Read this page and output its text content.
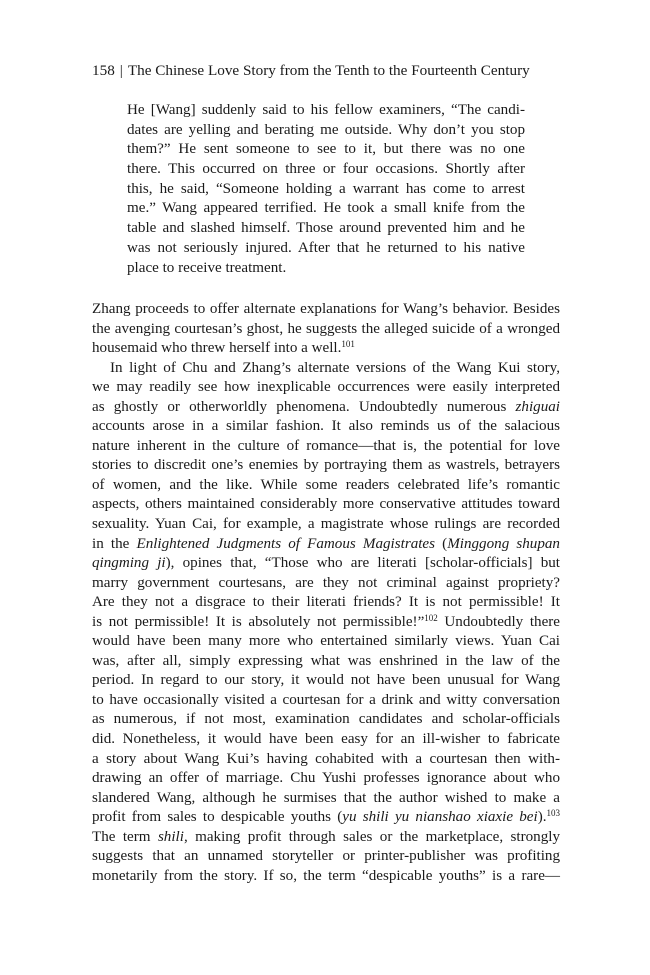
158 | The Chinese Love Story from the Tenth to the Fourteenth Century
He [Wang] suddenly said to his fellow examiners, “The candi-
dates are yelling and berating me outside. Why don’t you stop
them?” He sent someone to see to it, but there was no one
there. This occurred on three or four occasions. Shortly after
this, he said, “Someone holding a warrant has come to arrest
me.” Wang appeared terrified. He took a small knife from the
table and slashed himself. Those around prevented him and he
was not seriously injured. After that he returned to his native
place to receive treatment.
Zhang proceeds to offer alternate explanations for Wang’s behavior. Besides
the avenging courtesan’s ghost, he suggests the alleged suicide of a wronged
housemaid who threw herself into a well.$^{101}$
In light of Chu and Zhang’s alternate versions of the Wang Kui story,
we may readily see how inexplicable occurrences were easily interpreted
as ghostly or otherworldly phenomena. Undoubtedly numerous zhiguai
accounts arose in a similar fashion. It also reminds us of the salacious
nature inherent in the culture of romance—that is, the potential for love
stories to discredit one’s enemies by portraying them as wastrels, betrayers
of women, and the like. While some readers celebrated life’s romantic
aspects, others maintained considerably more conservative attitudes toward
sexuality. Yuan Cai, for example, a magistrate whose rulings are recorded
in the Enlightened Judgments of Famous Magistrates (Minggong shupan
qingming ji), opines that, “Those who are literati [scholar-officials] but
marry government courtesans, are they not criminal against propriety?
Are they not a disgrace to their literati friends? It is not permissible! It
is not permissible! It is absolutely not permissible!”$^{102}$ Undoubtedly there
would have been many more who entertained similarly views. Yuan Cai
was, after all, simply expressing what was enshrined in the law of the
period. In regard to our story, it would not have been unusual for Wang
to have occasionally visited a courtesan for a drink and witty conversation
as numerous, if not most, examination candidates and scholar-officials
did. Nonetheless, it would have been easy for an ill-wisher to fabricate
a story about Wang Kui’s having cohabited with a courtesan then with-
drawing an offer of marriage. Chu Yushi professes ignorance about who
slandered Wang, although he surmises that the author wished to make a
profit from sales to despicable youths (yu shili yu nianshao xiaxie bei).$^{103}$
The term shili, making profit through sales or the marketplace, strongly
suggests that an unnamed storyteller or printer-publisher was profiting
monetarily from the story. If so, the term “despicable youths” is a rare—
